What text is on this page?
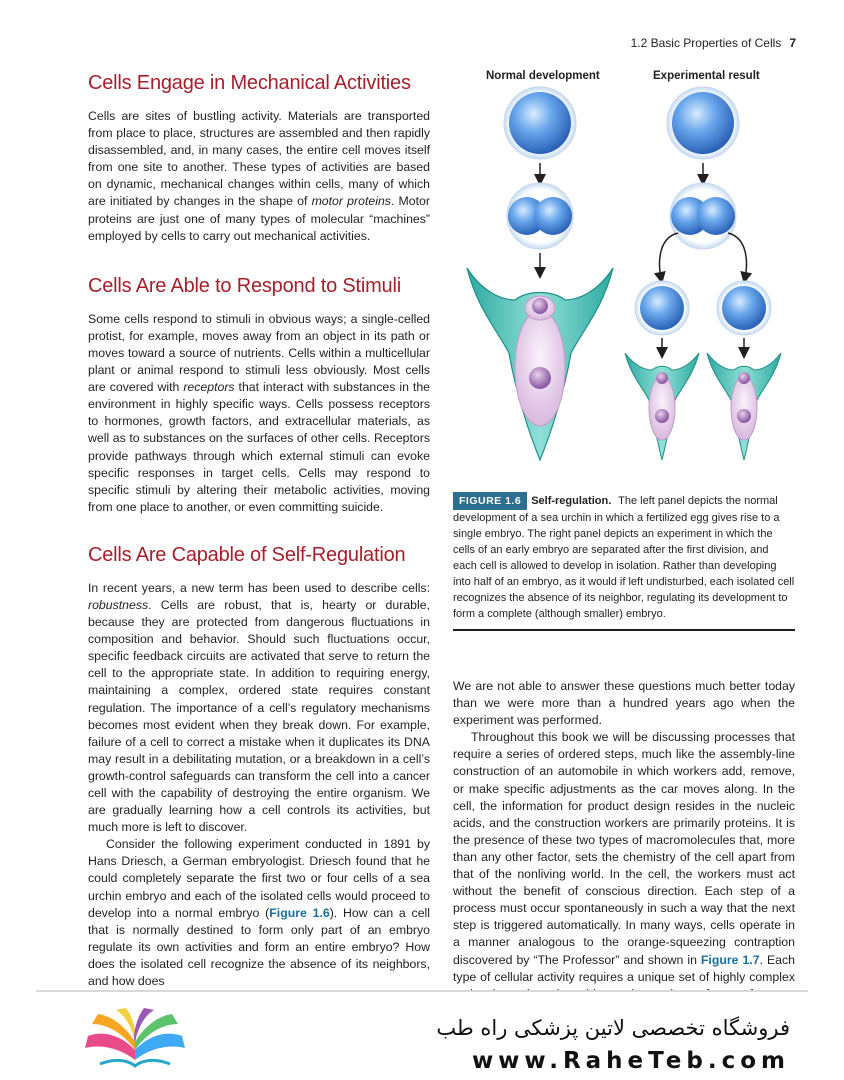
1.2 Basic Properties of Cells 7
Cells Engage in Mechanical Activities

Cells are sites of bustling activity. Materials are transported from place to place, structures are assembled and then rapidly disassembled, and, in many cases, the entire cell moves itself from one site to another. These types of activities are based on dynamic, mechanical changes within cells, many of which are initiated by changes in the shape of motor proteins. Motor proteins are just one of many types of molecular “machines” employed by cells to carry out mechanical activities.

Cells Are Able to Respond to Stimuli

Some cells respond to stimuli in obvious ways; a single-celled protist, for example, moves away from an object in its path or moves toward a source of nutrients. Cells within a multicellular plant or animal respond to stimuli less obviously. Most cells are covered with receptors that interact with substances in the environment in highly specific ways. Cells possess receptors to hormones, growth factors, and extracellular materials, as well as to substances on the surfaces of other cells. Receptors provide pathways through which external stimuli can evoke specific responses in target cells. Cells may respond to specific stimuli by altering their metabolic activities, moving from one place to another, or even committing suicide.

Cells Are Capable of Self-Regulation

In recent years, a new term has been used to describe cells: robustness. Cells are robust, that is, hearty or durable, because they are protected from dangerous fluctuations in composition and behavior. Should such fluctuations occur, specific feedback circuits are activated that serve to return the cell to the appropriate state. In addition to requiring energy, maintaining a complex, ordered state requires constant regulation. The importance of a cell’s regulatory mechanisms becomes most evident when they break down. For example, failure of a cell to correct a mistake when it duplicates its DNA may result in a debilitating mutation, or a breakdown in a cell’s growth-control safeguards can transform the cell into a cancer cell with the capability of destroying the entire organism. We are gradually learning how a cell controls its activities, but much more is left to discover.

Consider the following experiment conducted in 1891 by Hans Driesch, a German embryologist. Driesch found that he could completely separate the first two or four cells of a sea urchin embryo and each of the isolated cells would proceed to develop into a normal embryo (Figure 1.6). How can a cell that is normally destined to form only part of an embryo regulate its own activities and form an entire embryo? How does the isolated cell recognize the absence of its neighbors, and how does

Normal development	Experimental result
FIGURE 1.6 Self-regulation. The left panel depicts the normal development of a sea urchin in which a fertilized egg gives rise to a single embryo. The right panel depicts an experiment in which the cells of an early embryo are separated after the first division, and each cell is allowed to develop in isolation. Rather than developing into half of an embryo, as it would if left undisturbed, each isolated cell recognizes the absence of its neighbor, regulating its development to form a complete (although smaller) embryo.

We are not able to answer these questions much better today than we were more than a hundred years ago when the experiment was performed.

Throughout this book we will be discussing processes that require a series of ordered steps, much like the assembly-line construction of an automobile in which workers add, remove, or make specific adjustments as the car moves along. In the cell, the information for product design resides in the nucleic acids, and the construction workers are primarily proteins. It is the presence of these two types of macromolecules that, more than any other factor, sets the chemistry of the cell apart from that of the nonliving world. In the cell, the workers must act without the benefit of conscious direction. Each step of a process must occur spontaneously in such a way that the next step is triggered automatically. In many ways, cells operate in a manner analogous to the orange-squeezing contraption discovered by “The Professor” and shown in Figure 1.7. Each type of cellular activity requires a unique set of highly complex

فروشگاه تخصصی لاتین پزشکی راه طب
www.RaheTeb.com
